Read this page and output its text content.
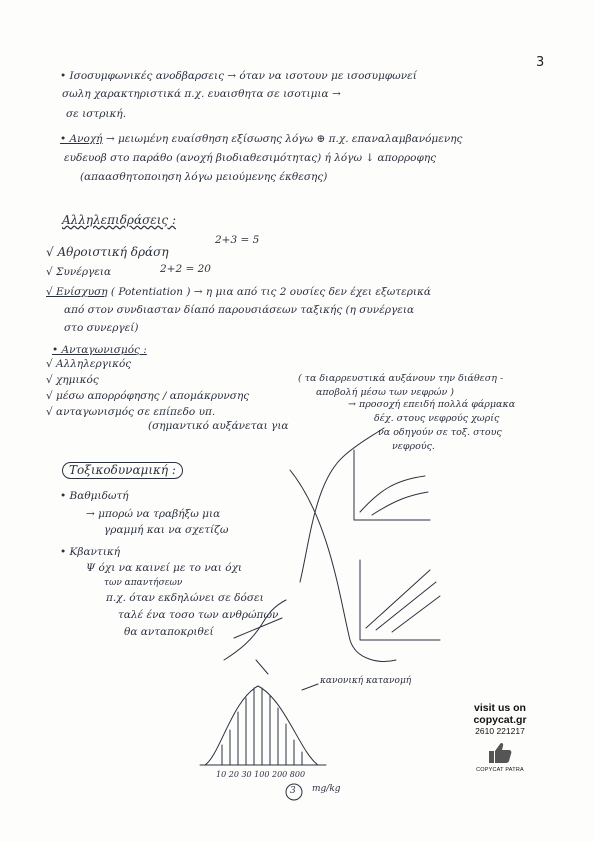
3
• Ισοσυμφωνικές ανοδβαρσεις → όταν να ισοτουν με ισοσυμφωνεί
σωλη χαρακτηριστικά π.χ. ευαισθητα σε ισοτιμια →
σε ιστρική.
• Ανοχή → μειωμένη ευαίσθηση εξίσωσης λόγω ⊕ π.χ. επαναλαμβανόμενης
ευδευοβ στο παράθο (ανοχή βιοδιαθεσιμότητας) ή λόγω ↓ απορροφης
(απαασθητοποιηση λόγω μειούμενης έκθεσης)
Αλληλεπιδράσεις :
2+3 = 5
√ Αθροιστική δράση
√ Συνέργεια	2+2 = 20
√ Ενίσχυση ( Potentiation ) → η μια από τις 2 ουσίες δεν έχει εξωτερικά
από στον συνδιασταν δίαπό παρουσιάσεων ταξικής (η συνέργεια
στο συνεργεί)
• Ανταγωνισμός :
√ Αλληλεργικός
√ χημικός
√ μέσω απορρόφησης / απομάκρυνσης
( τα διαρρευστικά αυξάνουν την διάθεση -
αποβολή μέσω των νεφρών )
√ ανταγωνισμός σε επίπεδο υπ.
(σημαντικό αυξάνεται για
→ προσοχή επειδή πολλά φάρμακα
δέχ. στους νεφρούς χωρίς
να οδηγούν σε τοξ. στους
νεφρούς.
Τοξικοδυναμική :
• Βαθμιδωτή
→ μπορώ να τραβήξω μια
γραμμή και να σχετίζω
• Κβαντική
Ψ όχι να καινεί με το ναι όχι
των απαντήσεων
π.χ. όταν εκδηλώνει σε δόσει
ταλέ ένα τοσο των ανθρώπων
θα ανταποκριθεί
κανονική κατανομή
10 20 30 100 200 800
mg/kg
3
visit us on
copycat.gr
2610 221217
COPYCAT PATRA
